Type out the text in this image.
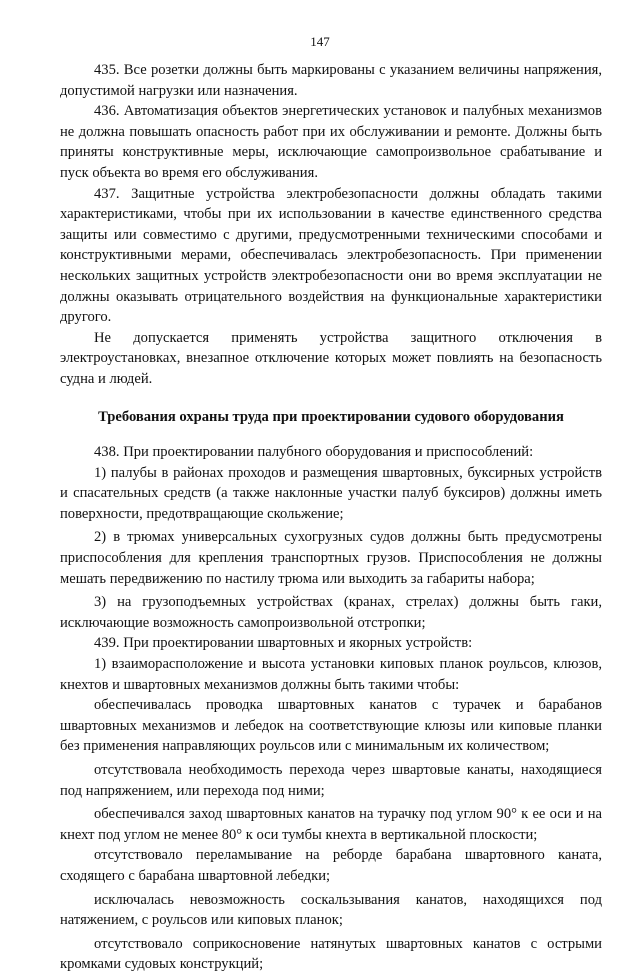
147

435. Все розетки должны быть маркированы с указанием величины напряжения, допустимой нагрузки или назначения.

436. Автоматизация объектов энергетических установок и палубных механизмов не должна повышать опасность работ при их обслуживании и ремонте. Должны быть приняты конструктивные меры, исключающие самопроизвольное срабатывание и пуск объекта во время его обслуживания.

437. Защитные устройства электробезопасности должны обладать такими характеристиками, чтобы при их использовании в качестве единственного средства защиты или совместимо с другими, предусмотренными техническими способами и конструктивными мерами, обеспечивалась электробезопасность. При применении нескольких защитных устройств электробезопасности они во время эксплуатации не должны оказывать отрицательного воздействия на функциональные характеристики другого.

Не допускается применять устройства защитного отключения в электроустановках, внезапное отключение которых может повлиять на безопасность судна и людей.

Требования охраны труда при проектировании судового оборудования

438. При проектировании палубного оборудования и приспособлений:

1) палубы в районах проходов и размещения швартовных, буксирных устройств и спасательных средств (а также наклонные участки палуб буксиров) должны иметь поверхности, предотвращающие скольжение;

2) в трюмах универсальных сухогрузных судов должны быть предусмотрены приспособления для крепления транспортных грузов. Приспособления не должны мешать передвижению по настилу трюма или выходить за габариты набора;

3) на грузоподъемных устройствах (кранах, стрелах) должны быть гаки, исключающие возможность самопроизвольной отстропки;

439. При проектировании швартовных и якорных устройств:

1) взаиморасположение и высота установки киповых планок роульсов, клюзов, кнехтов и швартовных механизмов должны быть такими чтобы:

обеспечивалась проводка швартовных канатов с турачек и барабанов швартовных механизмов и лебедок на соответствующие клюзы или киповые планки без применения направляющих роульсов или с минимальным их количеством;

отсутствовала необходимость перехода через швартовые канаты, находящиеся под напряжением, или перехода под ними;

обеспечивался заход швартовных канатов на турачку под углом 90° к ее оси и на кнехт под углом не менее 80° к оси тумбы кнехта в вертикальной плоскости;

отсутствовало переламывание на реборде барабана швартовного каната, сходящего с барабана швартовной лебедки;

исключалась невозможность соскальзывания канатов, находящихся под натяжением, с роульсов или киповых планок;

отсутствовало соприкосновение натянутых швартовных канатов с острыми кромками судовых конструкций;
